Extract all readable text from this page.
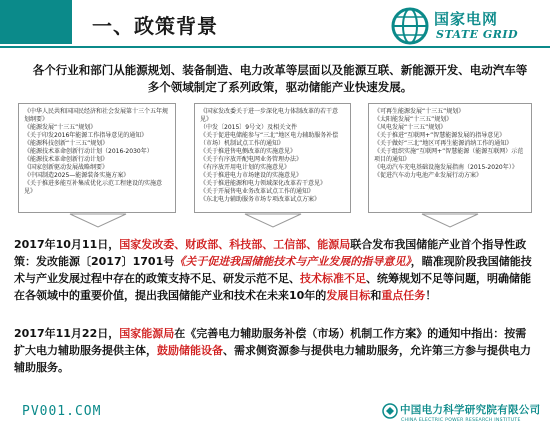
一、政策背景	国家电网
STATE GRID
各个行业和部门从能源规划、装备制造、电力改革等层面以及能源互联、新能源开发、电动汽车等多个领域制定了系列政策，驱动储能产业快速发展。
《中华人民共和国国民经济和社会发展第十三个五年规划纲要》
《能源发展“十三五”规划》
《关于印发2016年能源工作指导意见的通知》
《能源科技创新“十三五”规划》
《能源技术革命创新行动计划（2016-2030年）
《能源技术革命创新行动计划》
《国家创新驱动发展战略纲要》
《中国制造2025—能源装备实施方案》
《关于推进多能互补集成优化示范工程建设的实施意见》
《国家发改委关于进一步深化电力体制改革的若干意见》
（中发〔2015〕9号文）及相关文件
《关于促进电储能参与“三北”地区电力辅助服务补偿（市场）机制试点工作的通知》
《关于推进售电侧改革的实施意见》
《关于有序放开配电网业务管理办法》
《有序放开用电计划的实施意见》
《关于推进电力市场建设的实施意见》
《关于推进能源和电力领域深化改革若干意见》
《关于开展售电业务改革试点工作的通知》
《东北电力辅助服务市场专项改革试点方案》
《可再生能源发展“十三五”规划》
《太阳能发展“十三五”规划》
《风电发展“十三五”规划》
《关于推进“互联网+”智慧能源发展的指导意见》
《关于做好“三北”地区可再生能源消纳工作的通知》
《关于组织实施“互联网+”智慧能源（能源互联网）示范项目的通知》
《电动汽车充电基础设施发展指南（2015-2020年）》
《促进汽车动力电池产业发展行动方案》
2017年10月11日，国家发改委、财政部、科技部、工信部、能源局联合发布我国储能产业首个指导性政策：发改能源〔2017〕1701号《关于促进我国储能技术与产业发展的指导意见》，瞄准现阶段我国储能技术与产业发展过程中存在的政策支持不足、研发示范不足、技术标准不足、统筹规划不足等问题，明确储能在各领域中的重要价值，提出我国储能产业和技术在未来10年的发展目标和重点任务！
2017年11月22日，国家能源局在《完善电力辅助服务补偿（市场）机制工作方案》的通知中指出：按需扩大电力辅助服务提供主体，鼓励储能设备、需求侧资源参与提供电力辅助服务，允许第三方参与提供电力辅助服务。
PV001.COM	中国电力科学研究院有限公司
CHINA ELECTRIC POWER RESEARCH INSTITUTE
